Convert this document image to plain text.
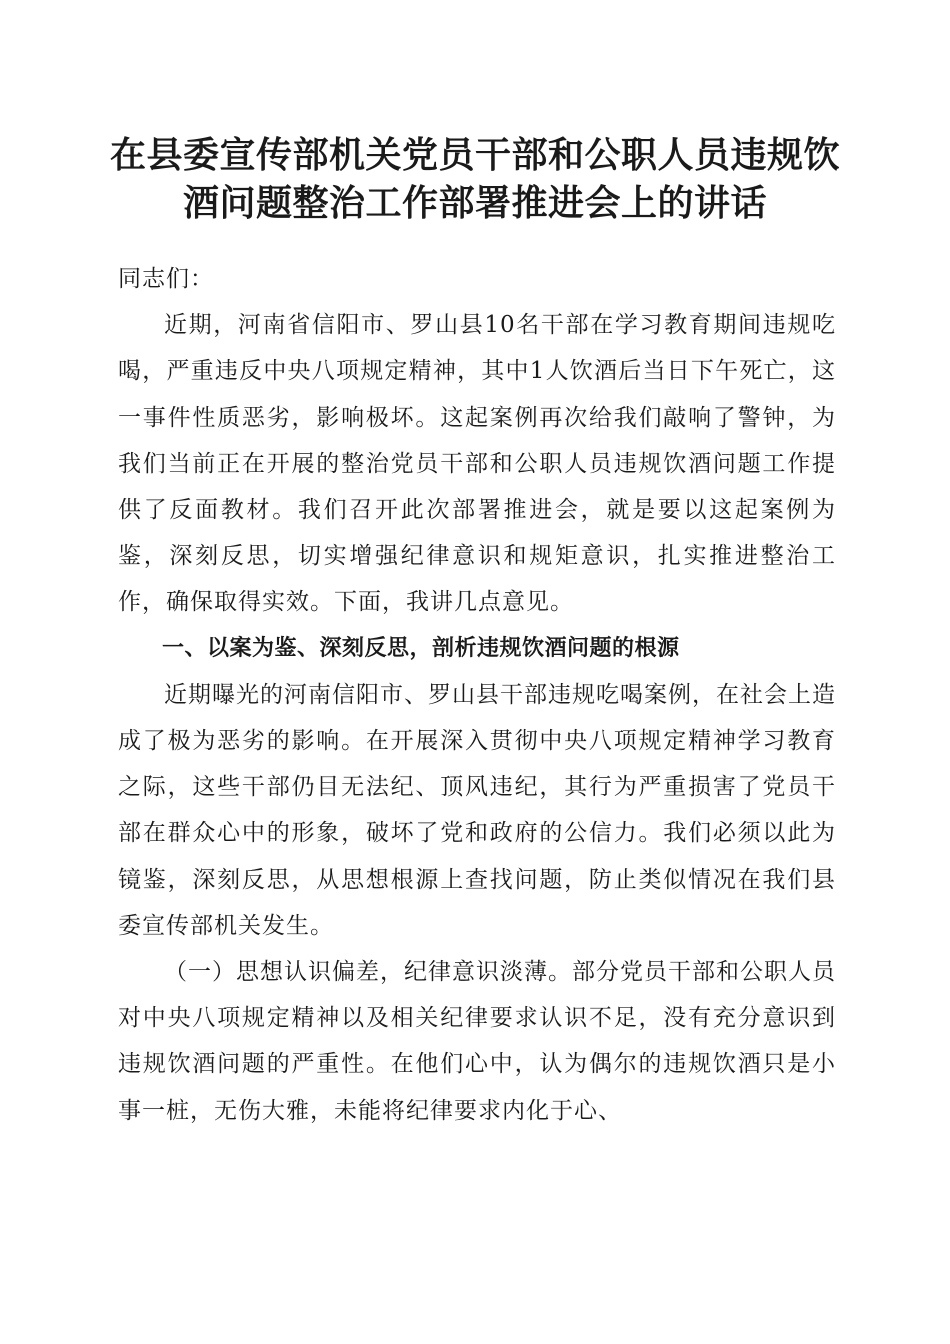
在县委宣传部机关党员干部和公职人员违规饮
酒问题整治工作部署推进会上的讲话

同志们：

近期，河南省信阳市、罗山县10名干部在学习教育期间违规吃喝，严重违反中央八项规定精神，其中1人饮酒后当日下午死亡，这一事件性质恶劣，影响极坏。这起案例再次给我们敲响了警钟，为我们当前正在开展的整治党员干部和公职人员违规饮酒问题工作提供了反面教材。我们召开此次部署推进会，就是要以这起案例为鉴，深刻反思，切实增强纪律意识和规矩意识，扎实推进整治工作，确保取得实效。下面，我讲几点意见。

一、以案为鉴、深刻反思，剖析违规饮酒问题的根源

近期曝光的河南信阳市、罗山县干部违规吃喝案例，在社会上造成了极为恶劣的影响。在开展深入贯彻中央八项规定精神学习教育之际，这些干部仍目无法纪、顶风违纪，其行为严重损害了党员干部在群众心中的形象，破坏了党和政府的公信力。我们必须以此为镜鉴，深刻反思，从思想根源上查找问题，防止类似情况在我们县委宣传部机关发生。

（一）思想认识偏差，纪律意识淡薄。部分党员干部和公职人员对中央八项规定精神以及相关纪律要求认识不足，没有充分意识到违规饮酒问题的严重性。在他们心中，认为偶尔的违规饮酒只是小事一桩，无伤大雅，未能将纪律要求内化于心、
